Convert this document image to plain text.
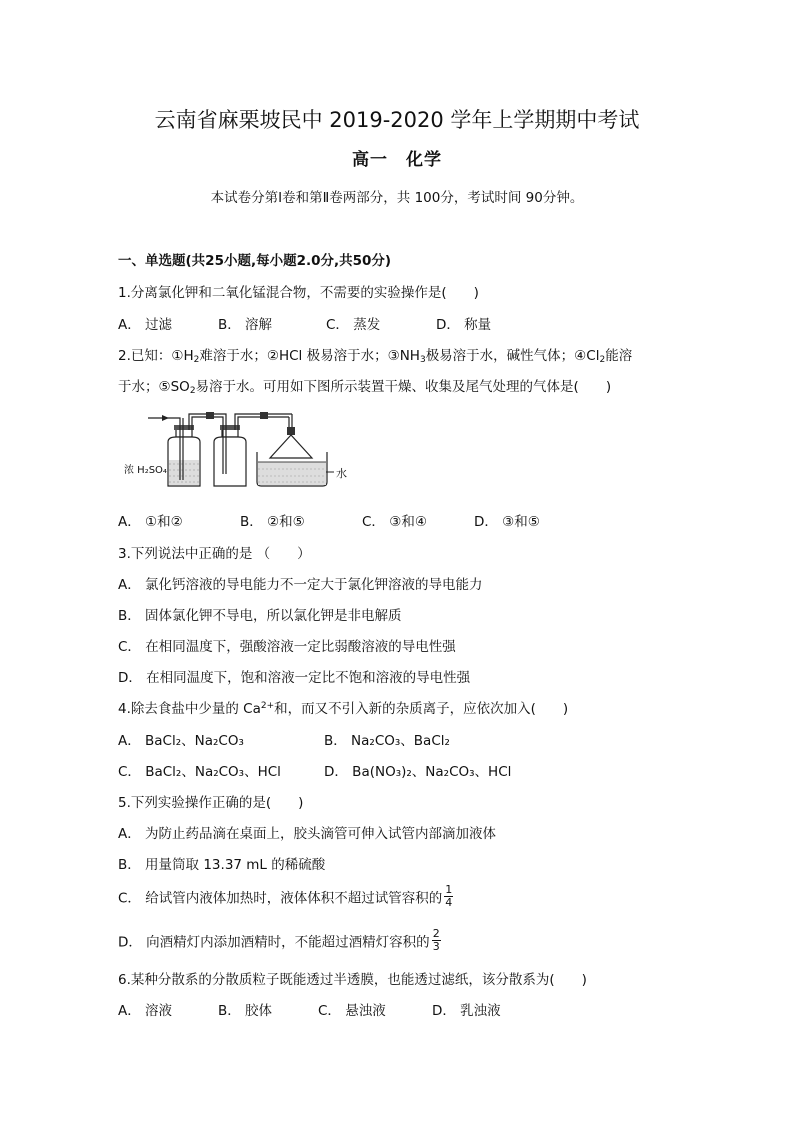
云南省麻栗坡民中 2019-2020 学年上学期期中考试
高一 化学
本试卷分第Ⅰ卷和第Ⅱ卷两部分，共 100分，考试时间 90分钟。
一、单选题(共25小题,每小题2.0分,共50分)
1.分离氯化钾和二氧化锰混合物，不需要的实验操作是(　　)
A． 过滤	B． 溶解	C． 蒸发	D． 称量
2.已知：$①H_2$难溶于水；②HCl 极易溶于水；$③NH_3$极易溶于水，碱性气体；$④Cl_2$能溶
于水；$⑤SO_2$易溶于水。可用如下图所示装置干燥、收集及尾气处理的气体是(　　)
浓 H₂SO₄	水
A． ①和②	B． ②和⑤	C． ③和④	D． ③和⑤
3.下列说法中正确的是 （　　）
A． 氯化钙溶液的导电能力不一定大于氯化钾溶液的导电能力
B． 固体氯化钾不导电，所以氯化钾是非电解质
C． 在相同温度下，强酸溶液一定比弱酸溶液的导电性强
D． 在相同温度下，饱和溶液一定比不饱和溶液的导电性强
4.除去食盐中少量的 $Ca^{2+}$和，而又不引入新的杂质离子，应依次加入(　　)
A． BaCl₂、Na₂CO₃	B． Na₂CO₃、BaCl₂
C． BaCl₂、Na₂CO₃、HCl	D． Ba(NO₃)₂、Na₂CO₃、HCl
5.下列实验操作正确的是(　　)
A． 为防止药品滴在桌面上，胶头滴管可伸入试管内部滴加液体
B． 用量筒取 13.37 mL 的稀硫酸
C． 给试管内液体加热时，液体体积不超过试管容积的 $\frac{1}{4}$
D． 向酒精灯内添加酒精时，不能超过酒精灯容积的 $\frac{2}{3}$
6.某种分散系的分散质粒子既能透过半透膜，也能透过滤纸，该分散系为(　　)
A． 溶液	B． 胶体	C． 悬浊液	D． 乳浊液
